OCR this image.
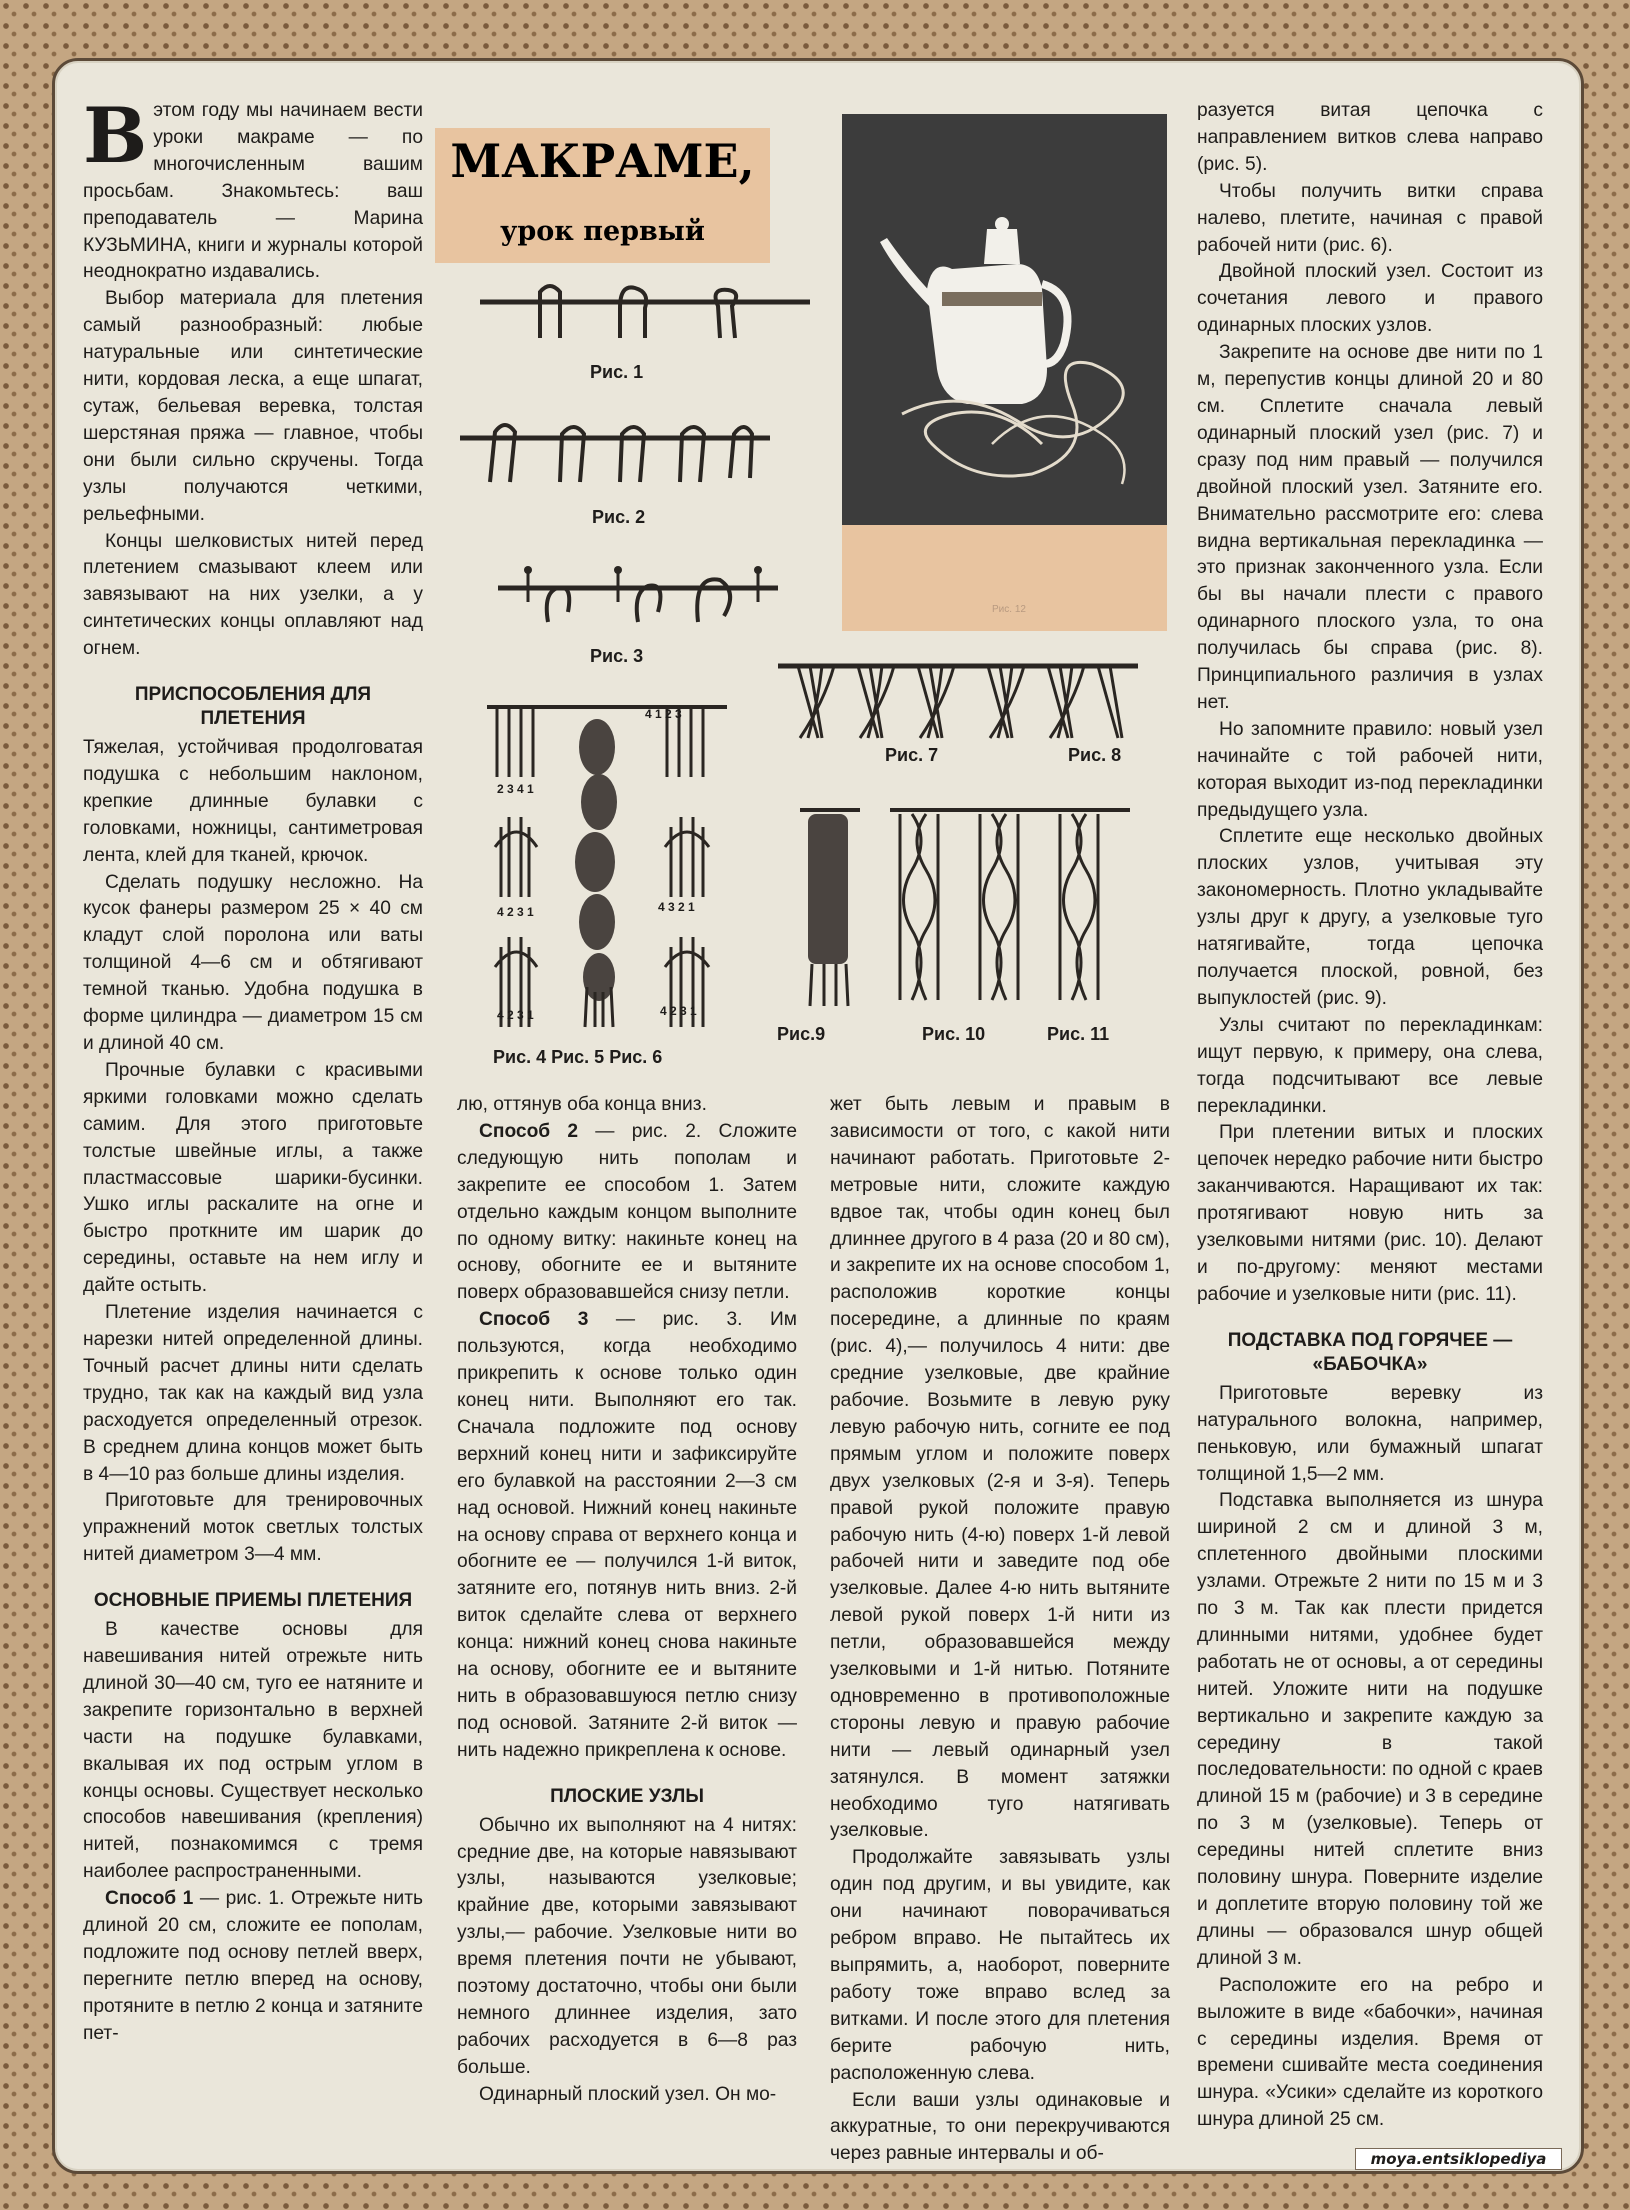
МАКРАМЕ,
урок первый
Рис. 12
Рис. 1
Рис. 2
Рис. 3
2 3 4 1
4 2 3 1
4 2 3 1
4 1 2 3
4 3 2 1
4 2 3 1
Рис. 4 Рис. 5 Рис. 6
Рис. 7	Рис. 8
Рис.9	Рис. 10	Рис. 11

Вэтом году мы начинаем вести уроки макраме — по многочисленным вашим просьбам. Знакомьтесь: ваш преподаватель — Марина КУЗЬМИНА, книги и журналы которой неоднократно издавались.

Выбор материала для плетения самый разнообразный: любые натуральные или синтетические нити, кордовая леска, а еще шпагат, сутаж, бельевая веревка, толстая шерстяная пряжа — главное, чтобы они были сильно скручены. Тогда узлы получаются четкими, рельефными.

Концы шелковистых нитей перед плетением смазывают клеем или завязывают на них узелки, а у синтетических концы оплавляют над огнем.

ПРИСПОСОБЛЕНИЯ ДЛЯ ПЛЕТЕНИЯ

Тяжелая, устойчивая продолговатая подушка с небольшим наклоном, крепкие длинные булавки с головками, ножницы, сантиметровая лента, клей для тканей, крючок.

Сделать подушку несложно. На кусок фанеры размером 25 × 40 см кладут слой поролона или ваты толщиной 4—6 см и обтягивают темной тканью. Удобна подушка в форме цилиндра — диаметром 15 см и длиной 40 см.

Прочные булавки с красивыми яркими головками можно сделать самим. Для этого приготовьте толстые швейные иглы, а также пластмассовые шарики-бусинки. Ушко иглы раскалите на огне и быстро проткните им шарик до середины, оставьте на нем иглу и дайте остыть.

Плетение изделия начинается с нарезки нитей определенной длины. Точный расчет длины нити сделать трудно, так как на каждый вид узла расходуется определенный отрезок. В среднем длина концов может быть в 4—10 раз больше длины изделия.

Приготовьте для тренировочных упражнений моток светлых толстых нитей диаметром 3—4 мм.

ОСНОВНЫЕ ПРИЕМЫ ПЛЕТЕНИЯ

В качестве основы для навешивания нитей отрежьте нить длиной 30—40 см, туго ее натяните и закрепите горизонтально в верхней части на подушке булавками, вкалывая их под острым углом в концы основы. Существует несколько способов навешивания (крепления) нитей, познакомимся с тремя наиболее распространенными.

Способ 1 — рис. 1. Отрежьте нить длиной 20 см, сложите ее пополам, подложите под основу петлей вверх, перегните петлю вперед на основу, протяните в петлю 2 конца и затяните пет-

лю, оттянув оба конца вниз.

Способ 2 — рис. 2. Сложите следующую нить пополам и закрепите ее способом 1. Затем отдельно каждым концом выполните по одному витку: накиньте конец на основу, обогните ее и вытяните поверх образовавшейся снизу петли.

Способ 3 — рис. 3. Им пользуются, когда необходимо прикрепить к основе только один конец нити. Выполняют его так. Сначала подложите под основу верхний конец нити и зафиксируйте его булавкой на расстоянии 2—3 см над основой. Нижний конец накиньте на основу справа от верхнего конца и обогните ее — получился 1-й виток, затяните его, потянув нить вниз. 2-й виток сделайте слева от верхнего конца: нижний конец снова накиньте на основу, обогните ее и вытяните нить в образовавшуюся петлю снизу под основой. Затяните 2-й виток — нить надежно прикреплена к основе.

ПЛОСКИЕ УЗЛЫ

Обычно их выполняют на 4 нитях: средние две, на которые навязывают узлы, называются узелковые; крайние две, которыми завязывают узлы,— рабочие. Узелковые нити во время плетения почти не убывают, поэтому достаточно, чтобы они были немного длиннее изделия, зато рабочих расходуется в 6—8 раз больше.

Одинарный плоский узел. Он мо-

жет быть левым и правым в зависимости от того, с какой нити начинают работать. Приготовьте 2-метровые нити, сложите каждую вдвое так, чтобы один конец был длиннее другого в 4 раза (20 и 80 см), и закрепите их на основе способом 1, расположив короткие концы посередине, а длинные по краям (рис. 4),— получилось 4 нити: две средние узелковые, две крайние рабочие. Возьмите в левую руку левую рабочую нить, согните ее под прямым углом и положите поверх двух узелковых (2-я и 3-я). Теперь правой рукой положите правую рабочую нить (4-ю) поверх 1-й левой рабочей нити и заведите под обе узелковые. Далее 4-ю нить вытяните левой рукой поверх 1-й нити из петли, образовавшейся между узелковыми и 1-й нитью. Потяните одновременно в противоположные стороны левую и правую рабочие нити — левый одинарный узел затянулся. В момент затяжки необходимо туго натягивать узелковые.

Продолжайте завязывать узлы один под другим, и вы увидите, как они начинают поворачиваться ребром вправо. Не пытайтесь их выпрямить, а, наоборот, поверните работу тоже вправо вслед за витками. И после этого для плетения берите рабочую нить, расположенную слева.

Если ваши узлы одинаковые и аккуратные, то они перекручиваются через равные интервалы и об-

разуется витая цепочка с направлением витков слева направо (рис. 5).

Чтобы получить витки справа налево, плетите, начиная с правой рабочей нити (рис. 6).

Двойной плоский узел. Состоит из сочетания левого и правого одинарных плоских узлов.

Закрепите на основе две нити по 1 м, перепустив концы длиной 20 и 80 см. Сплетите сначала левый одинарный плоский узел (рис. 7) и сразу под ним правый — получился двойной плоский узел. Затяните его. Внимательно рассмотрите его: слева видна вертикальная перекладинка — это признак законченного узла. Если бы вы начали плести с правого одинарного плоского узла, то она получилась бы справа (рис. 8). Принципиального различия в узлах нет.

Но запомните правило: новый узел начинайте с той рабочей нити, которая выходит из-под перекладинки предыдущего узла.

Сплетите еще несколько двойных плоских узлов, учитывая эту закономерность. Плотно укладывайте узлы друг к другу, а узелковые туго натягивайте, тогда цепочка получается плоской, ровной, без выпуклостей (рис. 9).

Узлы считают по перекладинкам: ищут первую, к примеру, она слева, тогда подсчитывают все левые перекладинки.

При плетении витых и плоских цепочек нередко рабочие нити быстро заканчиваются. Наращивают их так: протягивают новую нить за узелковыми нитями (рис. 10). Делают и по-другому: меняют местами рабочие и узелковые нити (рис. 11).

ПОДСТАВКА ПОД ГОРЯЧЕЕ — «БАБОЧКА»

Приготовьте веревку из натурального волокна, например, пеньковую, или бумажный шпагат толщиной 1,5—2 мм.

Подставка выполняется из шнура шириной 2 см и длиной 3 м, сплетенного двойными плоскими узлами. Отрежьте 2 нити по 15 м и 3 по 3 м. Так как плести придется длинными нитями, удобнее будет работать не от основы, а от середины нитей. Уложите нити на подушке вертикально и закрепите каждую за середину в такой последовательности: по одной с краев длиной 15 м (рабочие) и 3 в середине по 3 м (узелковые). Теперь от середины нитей сплетите вниз половину шнура. Поверните изделие и доплетите вторую половину той же длины — образовался шнур общей длиной 3 м.

Расположите его на ребро и выложите в виде «бабочки», начиная с середины изделия. Время от времени сшивайте места соединения шнура. «Усики» сделайте из короткого шнура длиной 25 см.

moya.entsiklopediya
